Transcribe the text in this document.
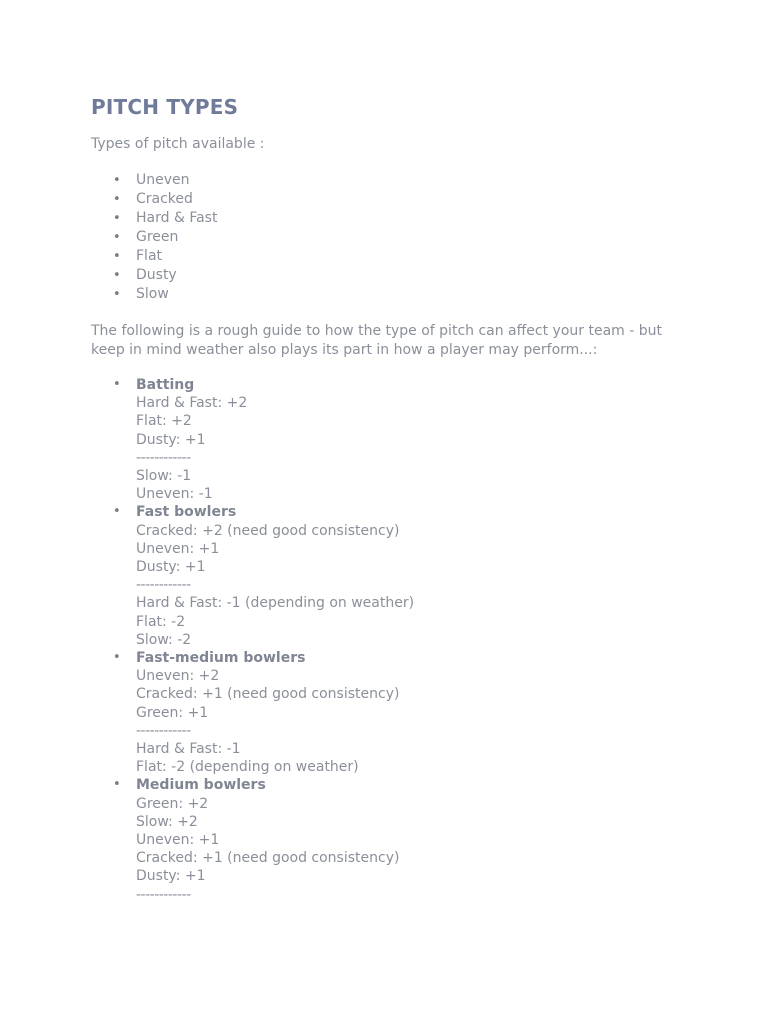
PITCH TYPES

Types of pitch available :

• Uneven
• Cracked
• Hard & Fast
• Green
• Flat
• Dusty
• Slow

The following is a rough guide to how the type of pitch can affect your team - but keep in mind weather also plays its part in how a player may perform...:

• Batting
Hard & Fast: +2
Flat: +2
Dusty: +1
------------
Slow: -1
Uneven: -1
• Fast bowlers
Cracked: +2 (need good consistency)
Uneven: +1
Dusty: +1
------------
Hard & Fast: -1 (depending on weather)
Flat: -2
Slow: -2
• Fast-medium bowlers
Uneven: +2
Cracked: +1 (need good consistency)
Green: +1
------------
Hard & Fast: -1
Flat: -2 (depending on weather)
• Medium bowlers
Green: +2
Slow: +2
Uneven: +1
Cracked: +1 (need good consistency)
Dusty: +1
------------
